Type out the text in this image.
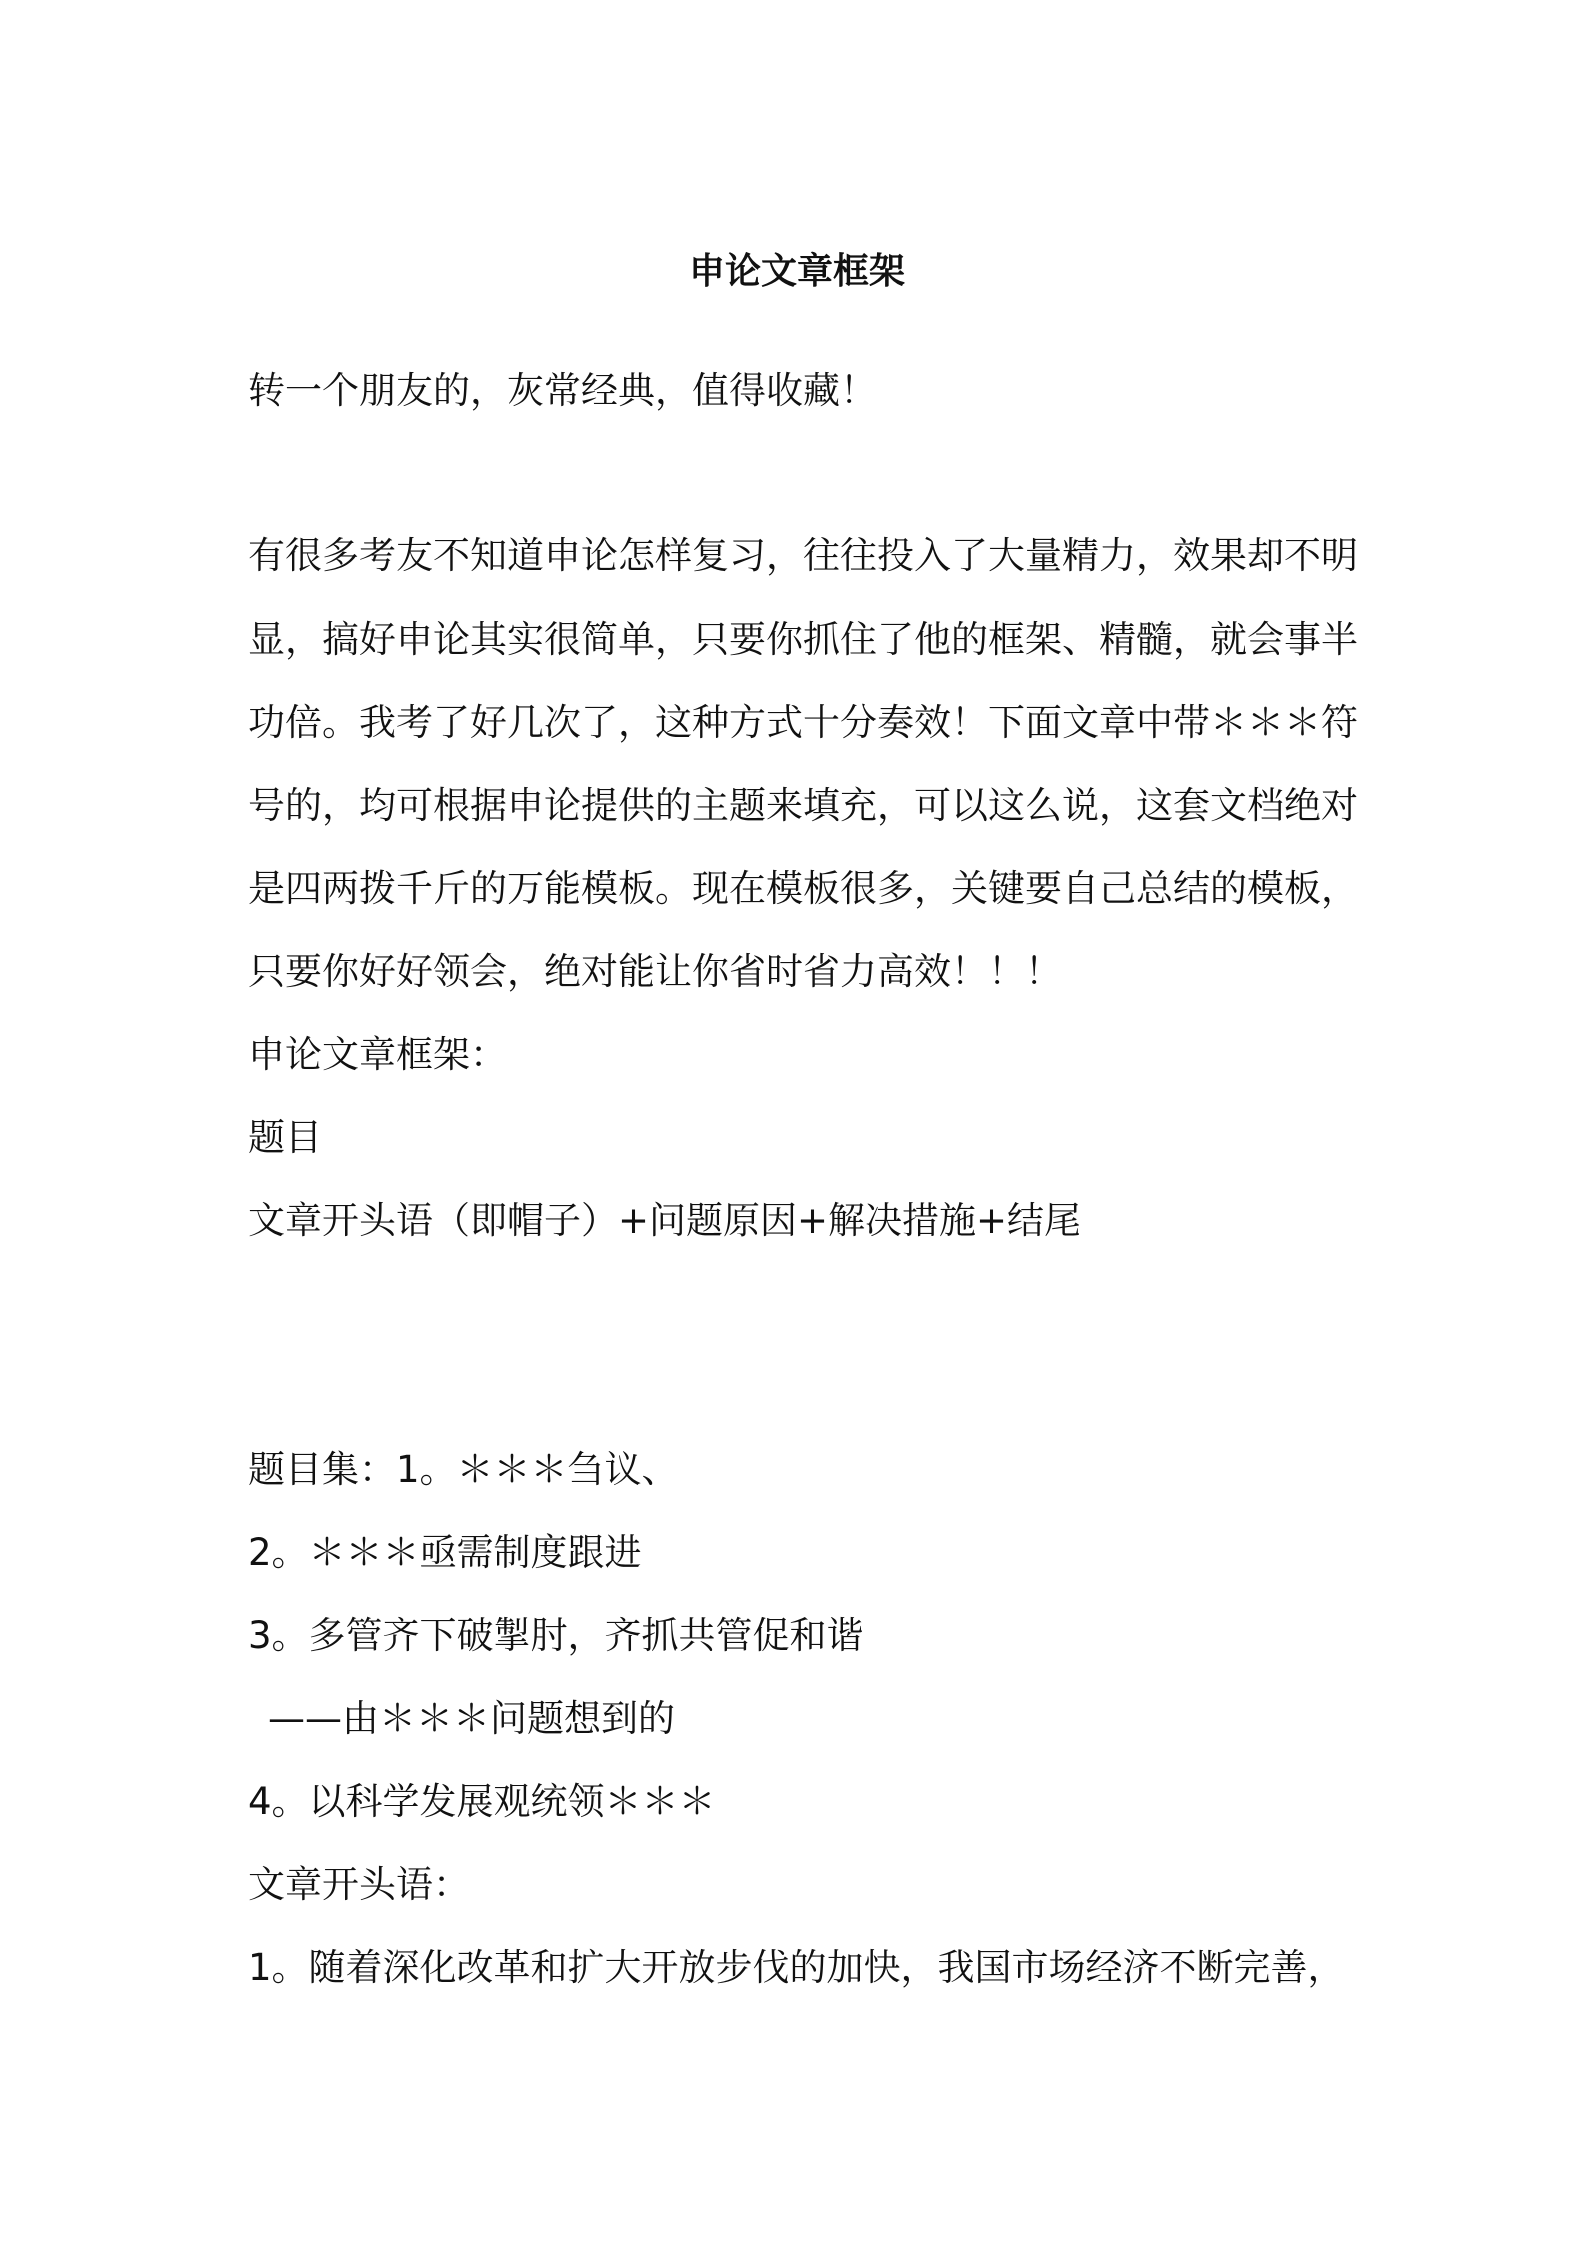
申论文章框架

转一个朋友的，灰常经典，值得收藏！

有很多考友不知道申论怎样复习，往往投入了大量精力，效果却不明

显，搞好申论其实很简单，只要你抓住了他的框架、精髓，就会事半

功倍。我考了好几次了，这种方式十分奏效！下面文章中带＊＊＊符

号的，均可根据申论提供的主题来填充，可以这么说，这套文档绝对

是四两拨千斤的万能模板。现在模板很多，关键要自己总结的模板，

只要你好好领会，绝对能让你省时省力高效！！！

申论文章框架：

题目

文章开头语（即帽子）+问题原因+解决措施+结尾

题目集：1。＊＊＊刍议、

2。＊＊＊亟需制度跟进

3。多管齐下破掣肘，齐抓共管促和谐

——由＊＊＊问题想到的

4。以科学发展观统领＊＊＊

文章开头语：

1。随着深化改革和扩大开放步伐的加快，我国市场经济不断完善，
